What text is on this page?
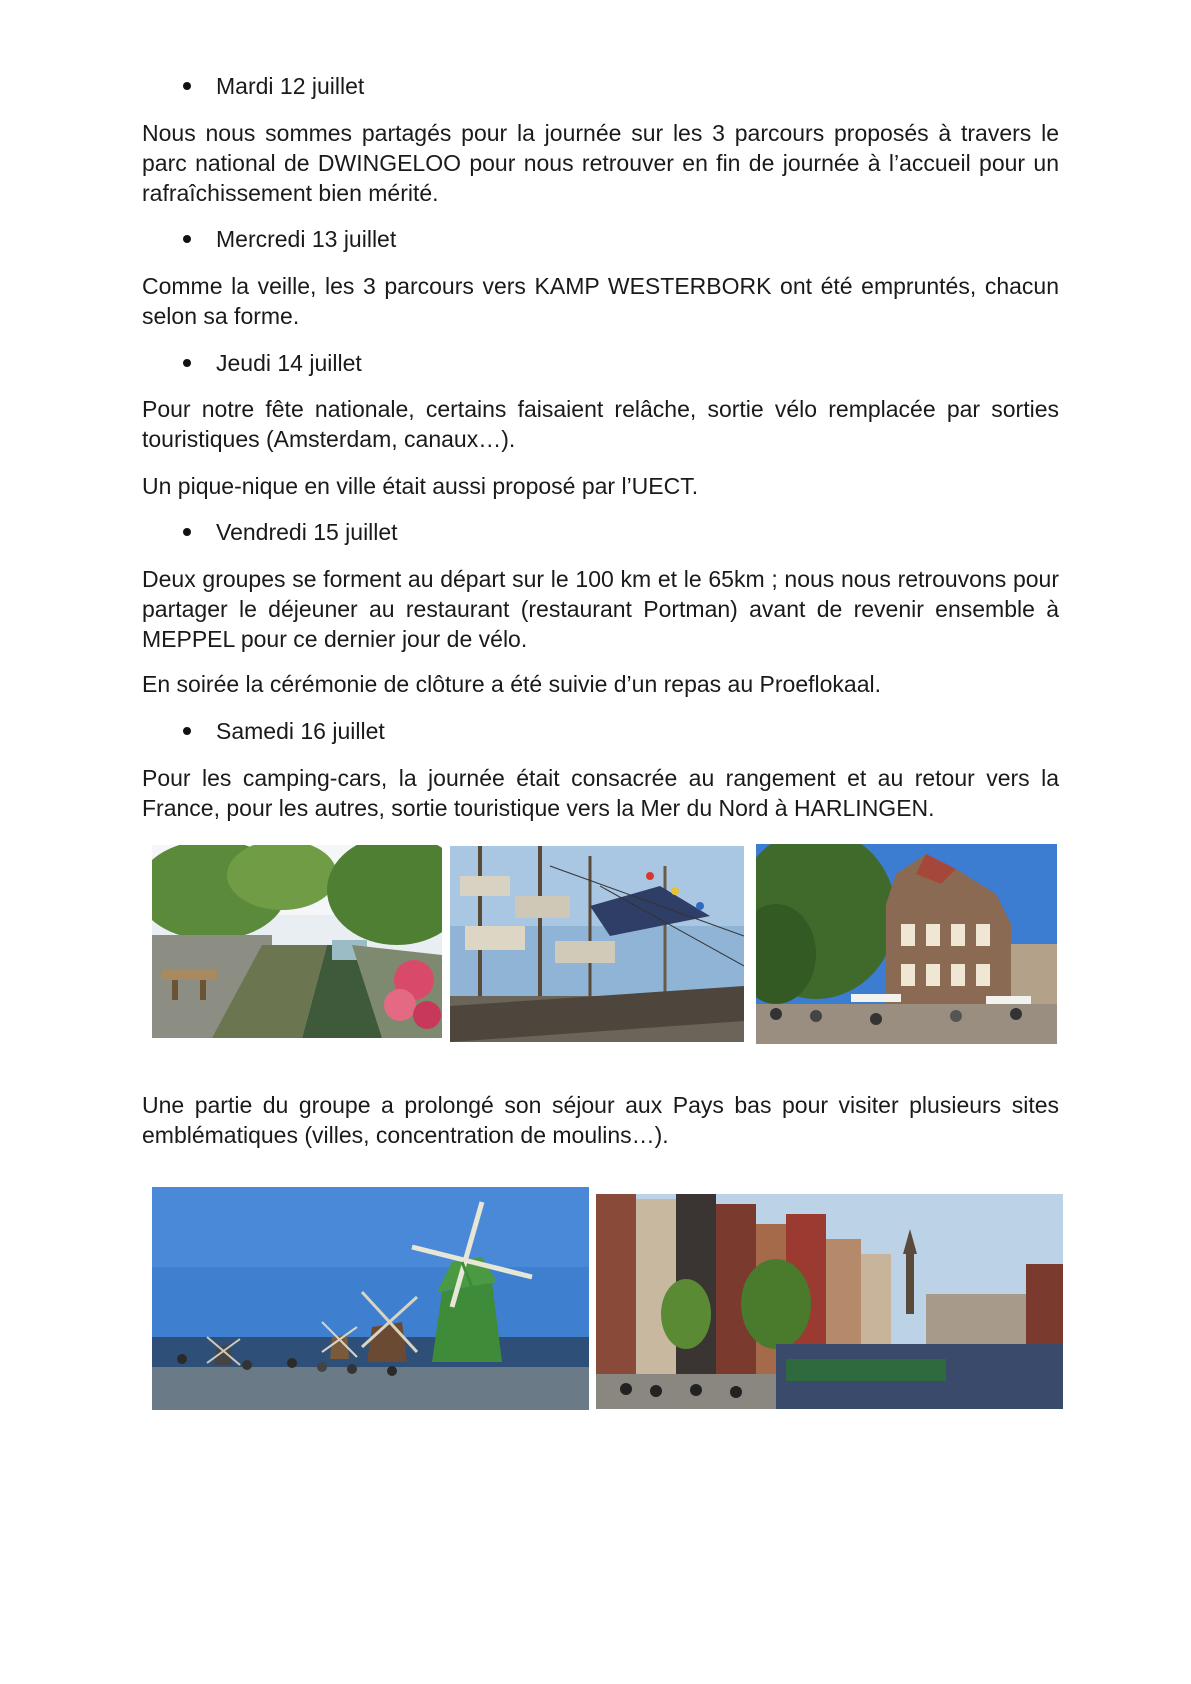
Mardi 12 juillet

Nous nous sommes partagés pour la journée sur les 3 parcours proposés à travers le parc national de DWINGELOO pour nous retrouver en fin de journée à l’accueil pour un rafraîchissement bien mérité.

Mercredi 13 juillet

Comme la veille, les 3 parcours vers KAMP WESTERBORK ont été empruntés, chacun selon sa forme.

Jeudi 14 juillet

Pour notre fête nationale, certains faisaient relâche, sortie vélo remplacée par sorties touristiques (Amsterdam, canaux…).

Un pique-nique en ville était aussi proposé par l’UECT.

Vendredi 15 juillet

Deux groupes se forment au départ sur le 100 km et le 65km ; nous nous retrouvons pour partager le déjeuner au restaurant (restaurant Portman) avant de revenir ensemble à MEPPEL pour ce dernier jour de vélo.

En soirée la cérémonie de clôture a été suivie d’un repas au Proeflokaal.

Samedi 16 juillet

Pour les camping-cars, la journée était consacrée au rangement et au retour vers la France, pour les autres, sortie touristique vers la Mer du Nord à HARLINGEN.

Une partie du groupe a prolongé son séjour aux Pays bas pour visiter plusieurs sites emblématiques (villes, concentration de moulins…).
